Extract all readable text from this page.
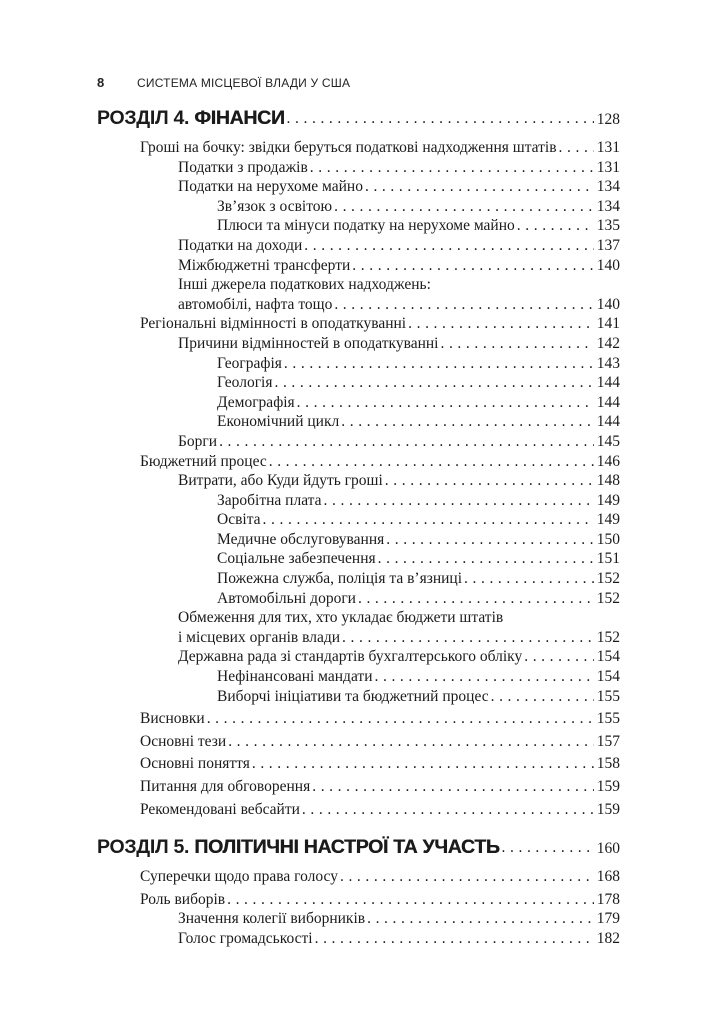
8	СИСТЕМА МІСЦЕВОЇ ВЛАДИ У США
РОЗДІЛ 4. ФІНАНСИ .....	128
Гроші на бочку: звідки беруться податкові надходження штатів .....	131
Податки з продажів .....	131
Податки на нерухоме майно .....	134
Зв’язок з освітою .....	134
Плюси та мінуси податку на нерухоме майно .....	135
Податки на доходи .....	137
Міжбюджетні трансферти .....	140
Інші джерела податкових надходжень:
автомобілі, нафта тощо .....	140
Регіональні відмінності в оподаткуванні .....	141
Причини відмінностей в оподаткуванні .....	142
Географія .....	143
Геологія .....	144
Демографія .....	144
Економічний цикл .....	144
Борги .....	145
Бюджетний процес .....	146
Витрати, або Куди йдуть гроші .....	148
Заробітна плата .....	149
Освіта .....	149
Медичне обслуговування .....	150
Соціальне забезпечення .....	151
Пожежна служба, поліція та в’язниці .....	152
Автомобільні дороги .....	152
Обмеження для тих, хто укладає бюджети штатів
і місцевих органів влади .....	152
Державна рада зі стандартів бухгалтерського обліку .....	154
Нефінансовані мандати .....	154
Виборчі ініціативи та бюджетний процес .....	155
Висновки .....	155
Основні тези .....	157
Основні поняття .....	158
Питання для обговорення .....	159
Рекомендовані вебсайти .....	159
РОЗДІЛ 5. ПОЛІТИЧНІ НАСТРОЇ ТА УЧАСТЬ .....	160
Суперечки щодо права голосу .....	168
Роль виборів .....	178
Значення колегії виборників .....	179
Голос громадськості .....	182
